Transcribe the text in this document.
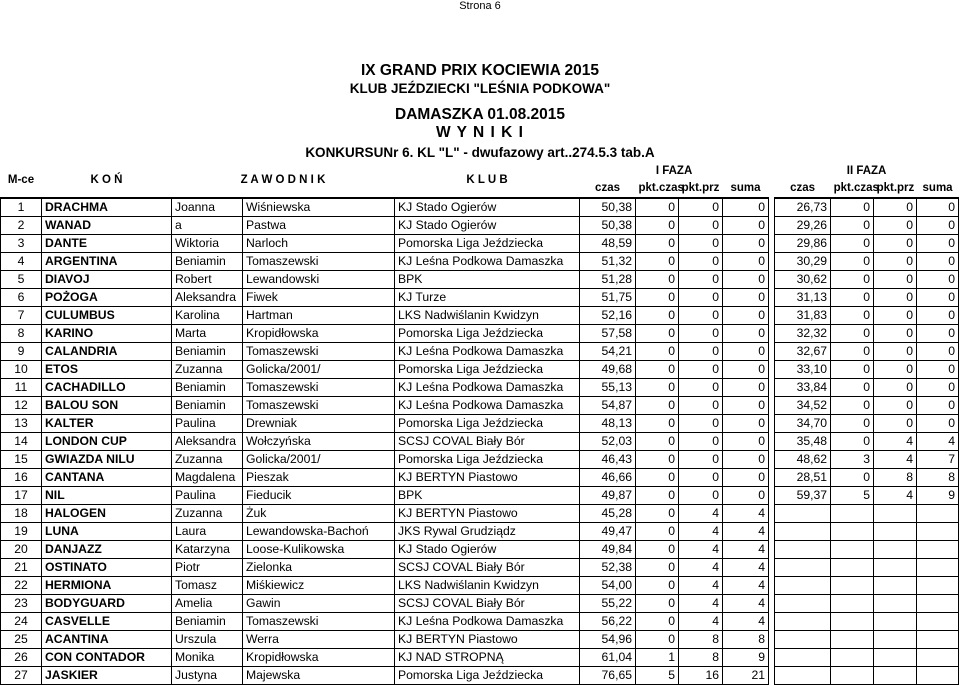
Strona 6
IX GRAND PRIX KOCIEWIA 2015
KLUB JEŹDZIECKI "LEŚNIA PODKOWA"
DAMASZKA 01.08.2015
W Y N I K I
KONKURSUNr 6. KL "L" - dwufazowy art..274.5.3 tab.A
M-ce	K O Ń	Z A W O D N I K		K L U B	I FAZA					II FAZA			
					czas	pkt.czas	pkt.prz	suma		czas	pkt.czas	pkt.prz	suma
1	DRACHMA	Joanna	Wiśniewska	KJ Stado Ogierów	50,38	0	0	0		26,73	0	0	0
2	WANAD	a	Pastwa	KJ Stado Ogierów	50,38	0	0	0		29,26	0	0	0
3	DANTE	Wiktoria	Narloch	Pomorska Liga Jeździecka	48,59	0	0	0		29,86	0	0	0
4	ARGENTINA	Beniamin	Tomaszewski	KJ Leśna Podkowa Damaszka	51,32	0	0	0		30,29	0	0	0
5	DIAVOJ	Robert	Lewandowski	BPK	51,28	0	0	0		30,62	0	0	0
6	POŻOGA	Aleksandra	Fiwek	KJ Turze	51,75	0	0	0		31,13	0	0	0
7	CULUMBUS	Karolina	Hartman	LKS Nadwiślanin Kwidzyn	52,16	0	0	0		31,83	0	0	0
8	KARINO	Marta	Kropidłowska	Pomorska Liga Jeździecka	57,58	0	0	0		32,32	0	0	0
9	CALANDRIA	Beniamin	Tomaszewski	KJ Leśna Podkowa Damaszka	54,21	0	0	0		32,67	0	0	0
10	ETOS	Zuzanna	Golicka/2001/	Pomorska Liga Jeździecka	49,68	0	0	0		33,10	0	0	0
11	CACHADILLO	Beniamin	Tomaszewski	KJ Leśna Podkowa Damaszka	55,13	0	0	0		33,84	0	0	0
12	BALOU SON	Beniamin	Tomaszewski	KJ Leśna Podkowa Damaszka	54,87	0	0	0		34,52	0	0	0
13	KALTER	Paulina	Drewniak	Pomorska Liga Jeździecka	48,13	0	0	0		34,70	0	0	0
14	LONDON CUP	Aleksandra	Wołczyńska	SCSJ COVAL Biały Bór	52,03	0	0	0		35,48	0	4	4
15	GWIAZDA NILU	Zuzanna	Golicka/2001/	Pomorska Liga Jeździecka	46,43	0	0	0		48,62	3	4	7
16	CANTANA	Magdalena	Pieszak	KJ BERTYN Piastowo	46,66	0	0	0		28,51	0	8	8
17	NIL	Paulina	Fieducik	BPK	49,87	0	0	0		59,37	5	4	9
18	HALOGEN	Zuzanna	Żuk	KJ BERTYN Piastowo	45,28	0	4	4					
19	LUNA	Laura	Lewandowska-Bachoń	JKS Rywal Grudziądz	49,47	0	4	4					
20	DANJAZZ	Katarzyna	Loose-Kulikowska	KJ Stado Ogierów	49,84	0	4	4					
21	OSTINATO	Piotr	Zielonka	SCSJ COVAL Biały Bór	52,38	0	4	4					
22	HERMIONA	Tomasz	Miśkiewicz	LKS Nadwiślanin Kwidzyn	54,00	0	4	4					
23	BODYGUARD	Amelia	Gawin	SCSJ COVAL Biały Bór	55,22	0	4	4					
24	CASVELLE	Beniamin	Tomaszewski	KJ Leśna Podkowa Damaszka	56,22	0	4	4					
25	ACANTINA	Urszula	Werra	KJ BERTYN Piastowo	54,96	0	8	8					
26	CON CONTADOR	Monika	Kropidłowska	KJ NAD STROPNĄ	61,04	1	8	9					
27	JASKIER	Justyna	Majewska	Pomorska Liga Jeździecka	76,65	5	16	21					
